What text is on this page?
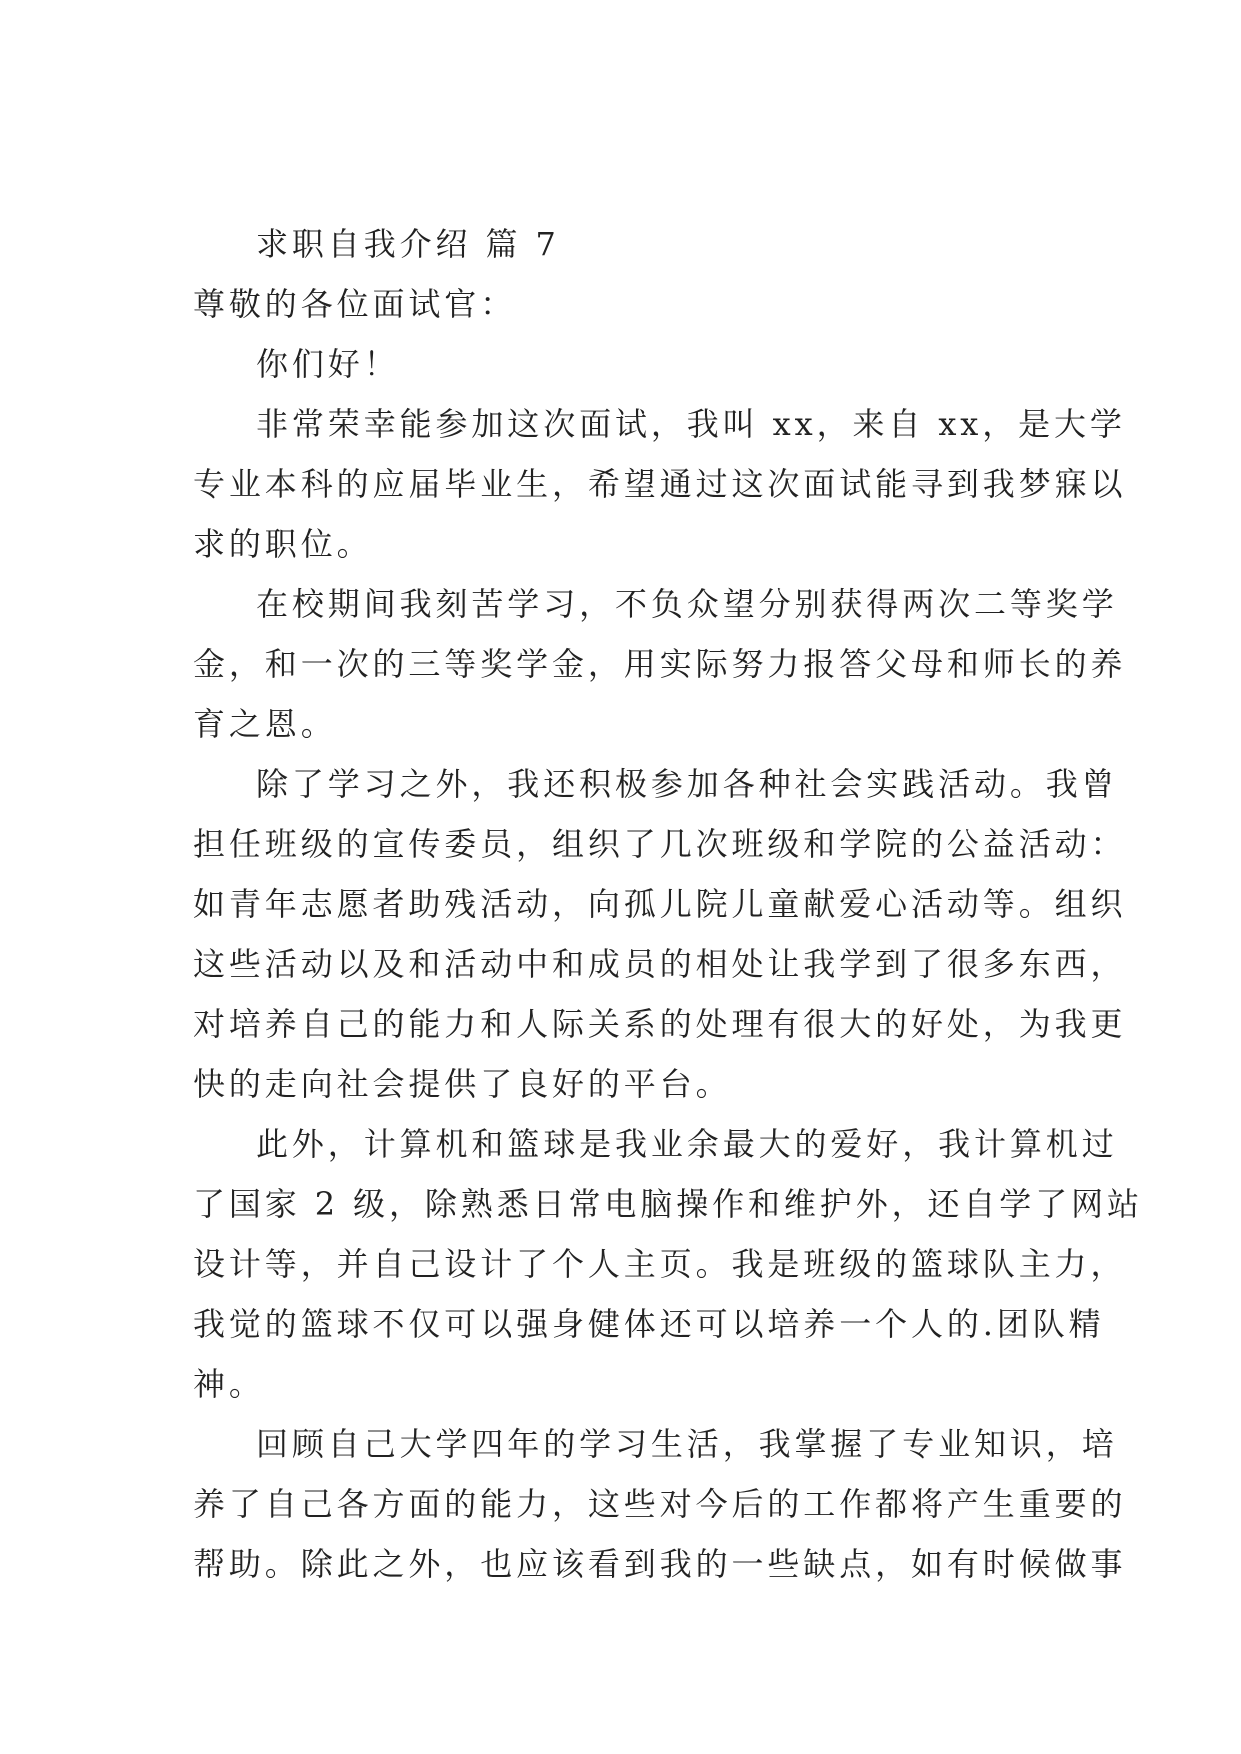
求职自我介绍 篇 7
尊敬的各位面试官：
你们好！
非常荣幸能参加这次面试，我叫 xx，来自 xx，是大学
专业本科的应届毕业生，希望通过这次面试能寻到我梦寐以
求的职位。
在校期间我刻苦学习，不负众望分别获得两次二等奖学
金，和一次的三等奖学金，用实际努力报答父母和师长的养
育之恩。
除了学习之外，我还积极参加各种社会实践活动。我曾
担任班级的宣传委员，组织了几次班级和学院的公益活动：
如青年志愿者助残活动，向孤儿院儿童献爱心活动等。组织
这些活动以及和活动中和成员的相处让我学到了很多东西，
对培养自己的能力和人际关系的处理有很大的好处，为我更
快的走向社会提供了良好的平台。
此外，计算机和篮球是我业余最大的爱好，我计算机过
了国家 2 级，除熟悉日常电脑操作和维护外，还自学了网站
设计等，并自己设计了个人主页。我是班级的篮球队主力，
我觉的篮球不仅可以强身健体还可以培养一个人的.团队精
神。
回顾自己大学四年的学习生活，我掌握了专业知识，培
养了自己各方面的能力，这些对今后的工作都将产生重要的
帮助。除此之外，也应该看到我的一些缺点，如有时候做事
